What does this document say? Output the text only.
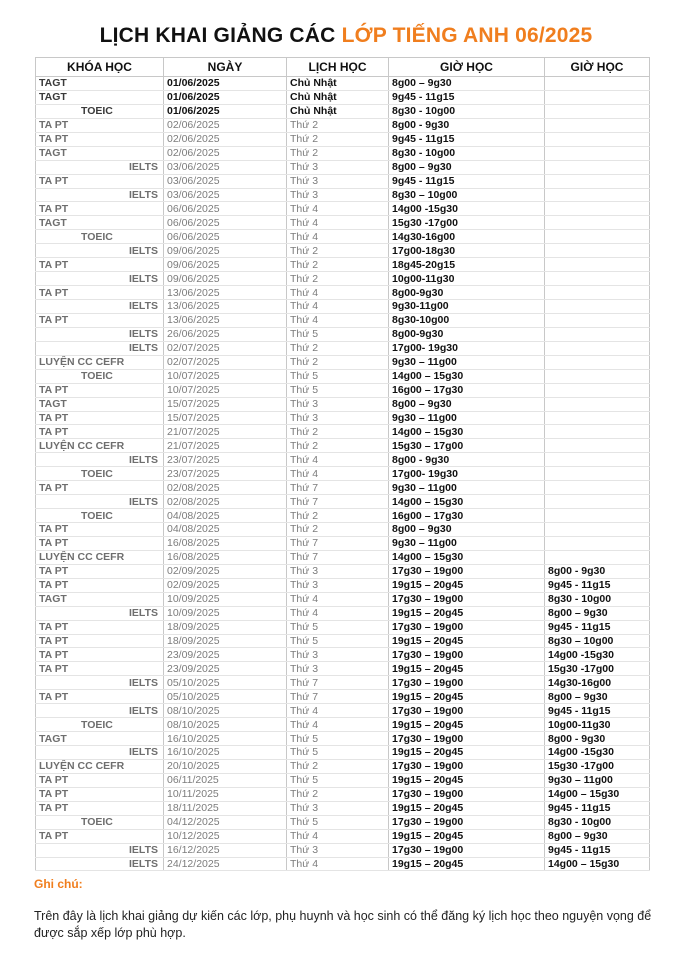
LỊCH KHAI GIẢNG CÁC LỚP TIẾNG ANH 06/2025
KHÓA HỌC	NGÀY	LỊCH HỌC	GIỜ HỌC	GIỜ HỌC
TAGT	01/06/2025	Chủ Nhật	8g00 – 9g30	
TAGT	01/06/2025	Chủ Nhật	9g45 - 11g15	
TOEIC	01/06/2025	Chủ Nhật	8g30 - 10g00	
TA PT	02/06/2025	Thứ 2	8g00 - 9g30	
TA PT	02/06/2025	Thứ 2	9g45 - 11g15	
TAGT	02/06/2025	Thứ 2	8g30 - 10g00	
IELTS	03/06/2025	Thứ 3	8g00 – 9g30	
TA PT	03/06/2025	Thứ 3	9g45 - 11g15	
IELTS	03/06/2025	Thứ 3	8g30 – 10g00	
TA PT	06/06/2025	Thứ 4	14g00 -15g30	
TAGT	06/06/2025	Thứ 4	15g30 -17g00	
TOEIC	06/06/2025	Thứ 4	14g30-16g00	
IELTS	09/06/2025	Thứ 2	17g00-18g30	
TA PT	09/06/2025	Thứ 2	18g45-20g15	
IELTS	09/06/2025	Thứ 2	10g00-11g30	
TA PT	13/06/2025	Thứ 4	8g00-9g30	
IELTS	13/06/2025	Thứ 4	9g30-11g00	
TA PT	13/06/2025	Thứ 4	8g30-10g00	
IELTS	26/06/2025	Thứ 5	8g00-9g30	
IELTS	02/07/2025	Thứ 2	17g00- 19g30	
LUYỆN CC CEFR	02/07/2025	Thứ 2	9g30 – 11g00	
TOEIC	10/07/2025	Thứ 5	14g00 – 15g30	
TA PT	10/07/2025	Thứ 5	16g00 – 17g30	
TAGT	15/07/2025	Thứ 3	8g00 – 9g30	
TA PT	15/07/2025	Thứ 3	9g30 – 11g00	
TA PT	21/07/2025	Thứ 2	14g00 – 15g30	
LUYỆN CC CEFR	21/07/2025	Thứ 2	15g30 – 17g00	
IELTS	23/07/2025	Thứ 4	8g00 - 9g30	
TOEIC	23/07/2025	Thứ 4	17g00- 19g30	
TA PT	02/08/2025	Thứ 7	9g30 – 11g00	
IELTS	02/08/2025	Thứ 7	14g00 – 15g30	
TOEIC	04/08/2025	Thứ 2	16g00 – 17g30	
TA PT	04/08/2025	Thứ 2	8g00 – 9g30	
TA PT	16/08/2025	Thứ 7	9g30 – 11g00	
LUYỆN CC CEFR	16/08/2025	Thứ 7	14g00 – 15g30	
TA PT	02/09/2025	Thứ 3	17g30 – 19g00	8g00 - 9g30
TA PT	02/09/2025	Thứ 3	19g15 – 20g45	9g45 - 11g15
TAGT	10/09/2025	Thứ 4	17g30 – 19g00	8g30 - 10g00
IELTS	10/09/2025	Thứ 4	19g15 – 20g45	8g00 – 9g30
TA PT	18/09/2025	Thứ 5	17g30 – 19g00	9g45 - 11g15
TA PT	18/09/2025	Thứ 5	19g15 – 20g45	8g30 – 10g00
TA PT	23/09/2025	Thứ 3	17g30 – 19g00	14g00 -15g30
TA PT	23/09/2025	Thứ 3	19g15 – 20g45	15g30 -17g00
IELTS	05/10/2025	Thứ 7	17g30 – 19g00	14g30-16g00
TA PT	05/10/2025	Thứ 7	19g15 – 20g45	8g00 – 9g30
IELTS	08/10/2025	Thứ 4	17g30 – 19g00	9g45 - 11g15
TOEIC	08/10/2025	Thứ 4	19g15 – 20g45	10g00-11g30
TAGT	16/10/2025	Thứ 5	17g30 – 19g00	8g00 - 9g30
IELTS	16/10/2025	Thứ 5	19g15 – 20g45	14g00 -15g30
LUYỆN CC CEFR	20/10/2025	Thứ 2	17g30 – 19g00	15g30 -17g00
TA PT	06/11/2025	Thứ 5	19g15 – 20g45	9g30 – 11g00
TA PT	10/11/2025	Thứ 2	17g30 – 19g00	14g00 – 15g30
TA PT	18/11/2025	Thứ 3	19g15 – 20g45	9g45 - 11g15
TOEIC	04/12/2025	Thứ 5	17g30 – 19g00	8g30 - 10g00
TA PT	10/12/2025	Thứ 4	19g15 – 20g45	8g00 – 9g30
IELTS	16/12/2025	Thứ 3	17g30 – 19g00	9g45 - 11g15
IELTS	24/12/2025	Thứ 4	19g15 – 20g45	14g00 – 15g30
Ghi chú:
Trên đây là lịch khai giảng dự kiến các lớp, phụ huynh và học sinh có thể đăng ký lịch học theo nguyện vọng để được sắp xếp lớp phù hợp.
